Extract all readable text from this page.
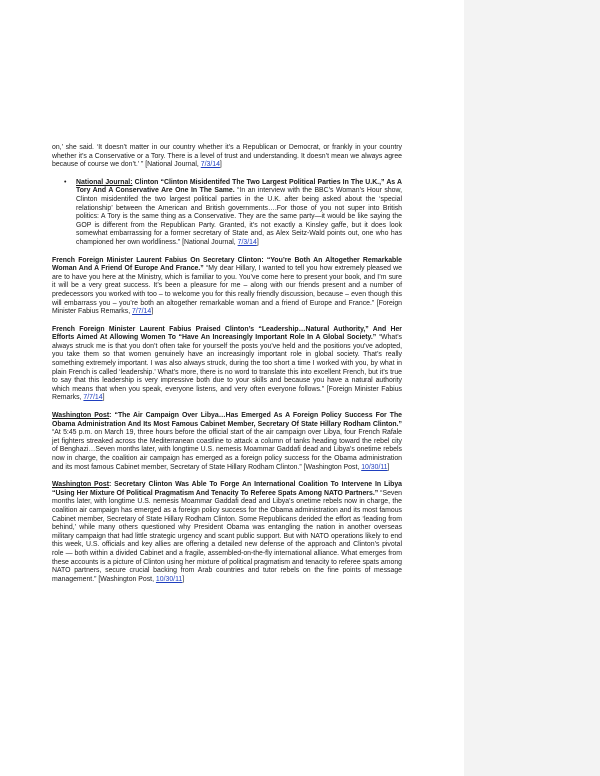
on,’ she said. ‘It doesn’t matter in our country whether it’s a Republican or Democrat, or frankly in your country whether it’s a Conservative or a Tory. There is a level of trust and understanding. It doesn’t mean we always agree because of course we don’t.’ ” [National Journal, 7/3/14]

• National Journal: Clinton “Clinton Misidentifed The Two Largest Political Parties In The U.K.,” As A Tory And A Conservative Are One In The Same. “In an interview with the BBC’s Woman’s Hour show, Clinton misidentifed the two largest political parties in the U.K. after being asked about the ‘special relationship’ between the American and British governments….For those of you not super into British politics: A Tory is the same thing as a Conservative. They are the same party—it would be like saying the GOP is different from the Republican Party. Granted, it’s not exactly a Kinsley gaffe, but it does look somewhat embarrassing for a former secretary of State and, as Alex Seitz-Wald points out, one who has championed her own worldliness.” [National Journal, 7/3/14]

French Foreign Minister Laurent Fabius On Secretary Clinton: “You’re Both An Altogether Remarkable Woman And A Friend Of Europe And France.” “My dear Hillary, I wanted to tell you how extremely pleased we are to have you here at the Ministry, which is familiar to you. You’ve come here to present your book, and I’m sure it will be a very great success. It’s been a pleasure for me – along with our friends present and a number of predecessors you worked with too – to welcome you for this really friendly discussion, because – even though this will embarrass you – you’re both an altogether remarkable woman and a friend of Europe and France.” [Foreign Minister Fabius Remarks, 7/7/14]

French Foreign Minister Laurent Fabius Praised Clinton’s “Leadership…Natural Authority,” And Her Efforts Aimed At Allowing Women To “Have An Increasingly Important Role In A Global Society.” “What’s always struck me is that you don’t often take for yourself the posts you’ve held and the positions you’ve adopted, you take them so that women genuinely have an increasingly important role in global society. That’s really something extremely important. I was also always struck, during the too short a time I worked with you, by what in plain French is called ‘leadership.’ What’s more, there is no word to translate this into excellent French, but it’s true to say that this leadership is very impressive both due to your skills and because you have a natural authority which means that when you speak, everyone listens, and very often everyone follows.” [Foreign Minister Fabius Remarks, 7/7/14]

Washington Post: “The Air Campaign Over Libya…Has Emerged As A Foreign Policy Success For The Obama Administration And Its Most Famous Cabinet Member, Secretary Of State Hillary Rodham Clinton.” “At 5:45 p.m. on March 19, three hours before the official start of the air campaign over Libya, four French Rafale jet fighters streaked across the Mediterranean coastline to attack a column of tanks heading toward the rebel city of Benghazi…Seven months later, with longtime U.S. nemesis Moammar Gaddafi dead and Libya’s onetime rebels now in charge, the coalition air campaign has emerged as a foreign policy success for the Obama administration and its most famous Cabinet member, Secretary of State Hillary Rodham Clinton.” [Washington Post, 10/30/11]

Washington Post: Secretary Clinton Was Able To Forge An International Coalition To Intervene In Libya “Using Her Mixture Of Political Pragmatism And Tenacity To Referee Spats Among NATO Partners.” “Seven months later, with longtime U.S. nemesis Moammar Gaddafi dead and Libya’s onetime rebels now in charge, the coalition air campaign has emerged as a foreign policy success for the Obama administration and its most famous Cabinet member, Secretary of State Hillary Rodham Clinton. Some Republicans derided the effort as ‘leading from behind,’ while many others questioned why President Obama was entangling the nation in another overseas military campaign that had little strategic urgency and scant public support. But with NATO operations likely to end this week, U.S. officials and key allies are offering a detailed new defense of the approach and Clinton’s pivotal role — both within a divided Cabinet and a fragile, assembled-on-the-fly international alliance. What emerges from these accounts is a picture of Clinton using her mixture of political pragmatism and tenacity to referee spats among NATO partners, secure crucial backing from Arab countries and tutor rebels on the fine points of message management.” [Washington Post, 10/30/11]
